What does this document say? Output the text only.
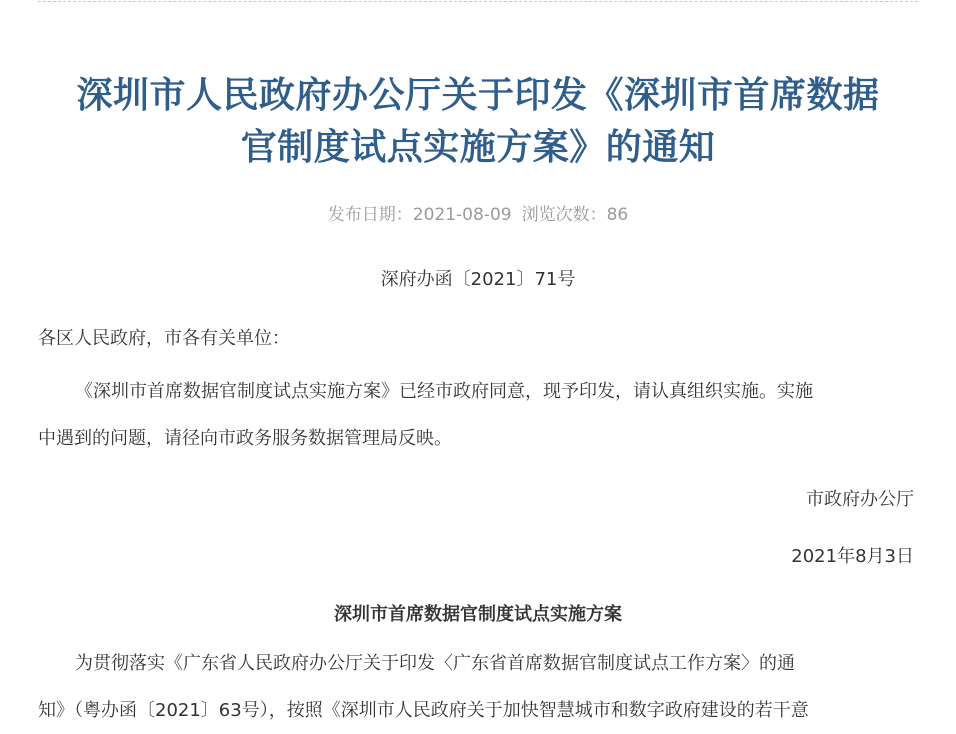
深圳市人民政府办公厅关于印发《深圳市首席数据
官制度试点实施方案》的通知
发布日期：2021-08-09 浏览次数：86
深府办函〔2021〕71号
各区人民政府，市各有关单位：
《深圳市首席数据官制度试点实施方案》已经市政府同意，现予印发，请认真组织实施。实施
中遇到的问题，请径向市政务服务数据管理局反映。
市政府办公厅
2021年8月3日
深圳市首席数据官制度试点实施方案
为贯彻落实《广东省人民政府办公厅关于印发〈广东省首席数据官制度试点工作方案〉的通
知》（粤办函〔2021〕63号），按照《深圳市人民政府关于加快智慧城市和数字政府建设的若干意
